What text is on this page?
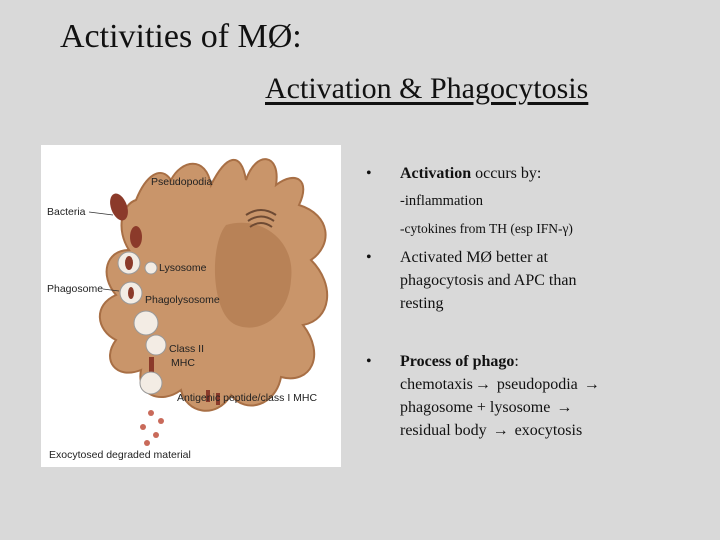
Activities of MØ:
Activation & Phagocytosis
Pseudopodia
Bacteria
Lysosome
Phagosome
Phagolysosome
Class II
MHC
Antigenic peptide/class I MHC
Exocytosed degraded material
• Activation occurs by:
-inflammation
-cytokines from TH (esp IFN-γ)
• Activated MØ better at
phagocytosis and APC than
resting
• Process of phago:
chemotaxis → pseudopodia →
phagosome + lysosome →
residual body → exocytosis
